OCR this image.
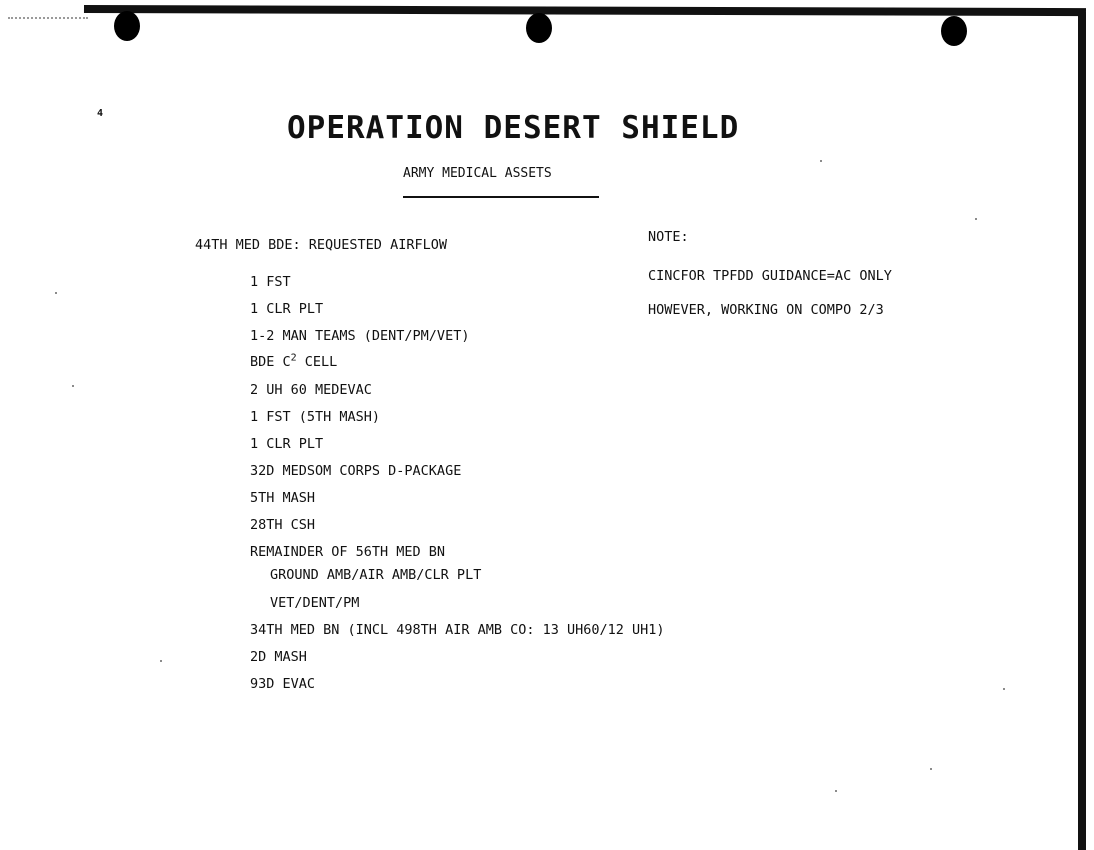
4	OPERATION DESERT SHIELD
ARMY MEDICAL ASSETS
44TH MED BDE: REQUESTED AIRFLOW
1 FST
1 CLR PLT
1-2 MAN TEAMS (DENT/PM/VET)
BDE $C^2$ CELL
2 UH 60 MEDEVAC
1 FST (5TH MASH)
1 CLR PLT
32D MEDSOM CORPS D-PACKAGE
5TH MASH
28TH CSH
REMAINDER OF 56TH MED BN
GROUND AMB/AIR AMB/CLR PLT
VET/DENT/PM
34TH MED BN (INCL 498TH AIR AMB CO: 13 UH60/12 UH1)
2D MASH
93D EVAC
NOTE:
CINCFOR TPFDD GUIDANCE=AC ONLY
HOWEVER, WORKING ON COMPO 2/3
